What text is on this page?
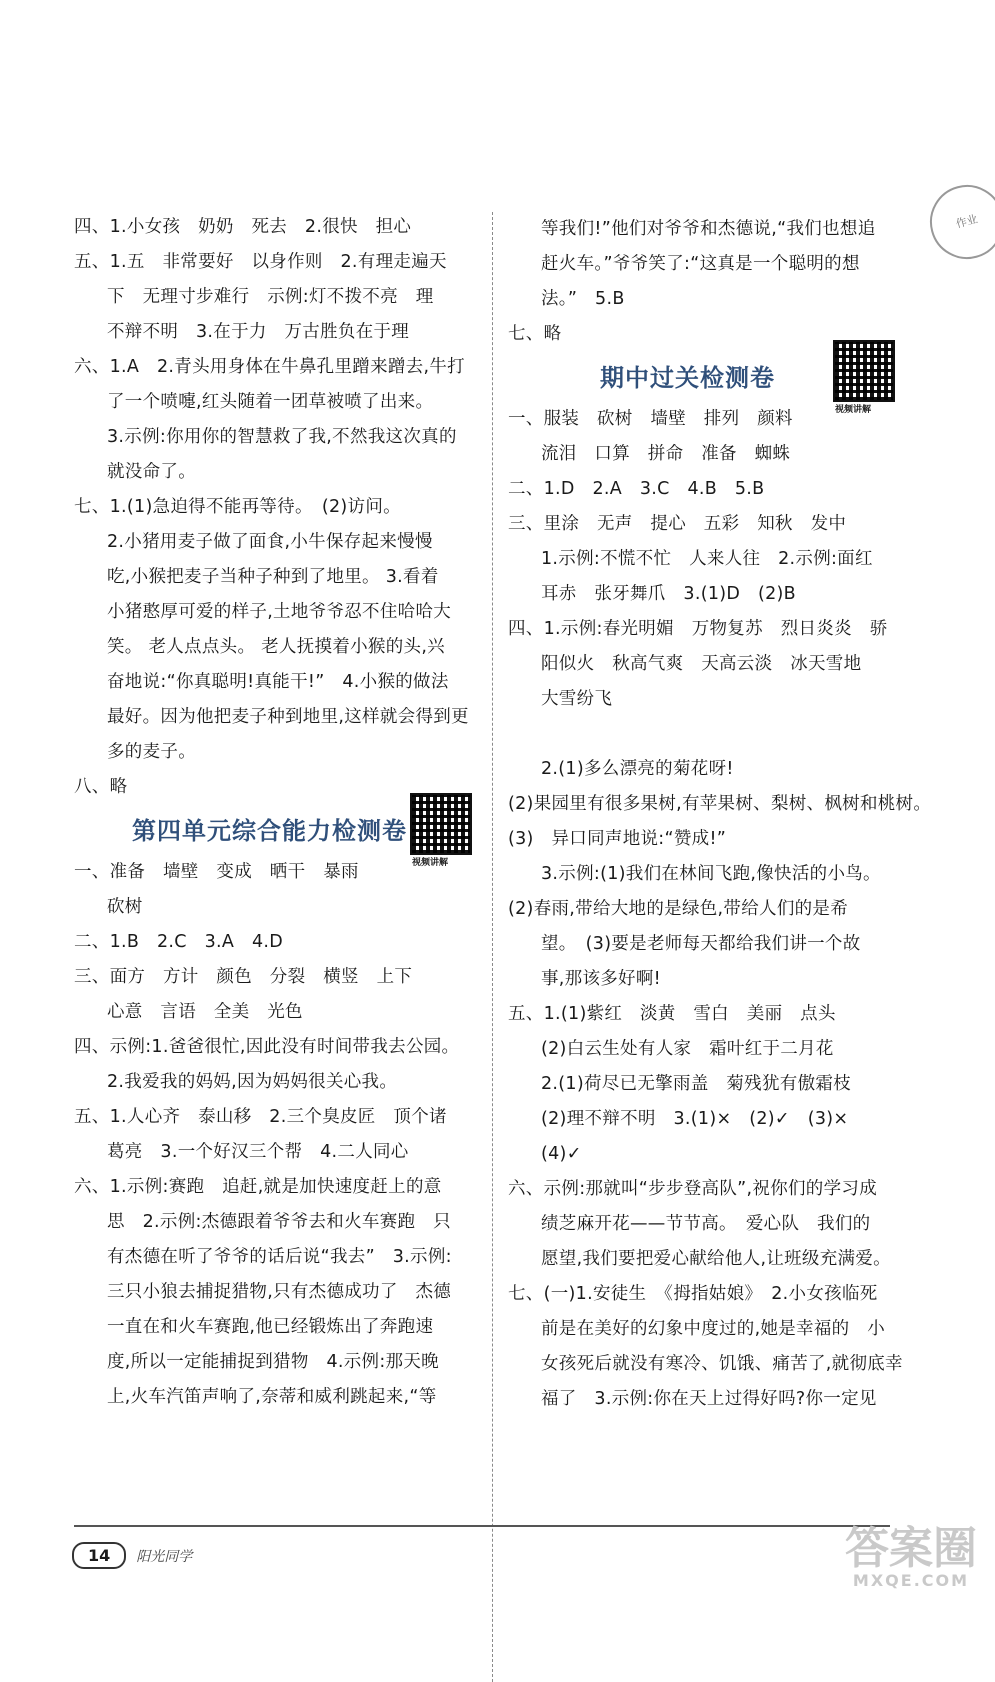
四、1.小女孩　奶奶　死去　2.很快　担心
五、1.五　非常要好　以身作则　2.有理走遍天
下　无理寸步难行　示例:灯不拨不亮　理
不辩不明　3.在于力　万古胜负在于理
六、1.A　2.青头用身体在牛鼻孔里蹭来蹭去,牛打
了一个喷嚏,红头随着一团草被喷了出来。
3.示例:你用你的智慧救了我,不然我这次真的
就没命了。
七、1.(1)急迫得不能再等待。　(2)访问。
2.小猪用麦子做了面食,小牛保存起来慢慢
吃,小猴把麦子当种子种到了地里。 3.看着
小猪憨厚可爱的样子,土地爷爷忍不住哈哈大
笑。 老人点点头。 老人抚摸着小猴的头,兴
奋地说:“你真聪明!真能干!”　4.小猴的做法
最好。因为他把麦子种到地里,这样就会得到更
多的麦子。
八、略
第四单元综合能力检测卷
视频讲解
一、准备　墙壁　变成　晒干　暴雨
砍树
二、1.B　2.C　3.A　4.D
三、面方　方计　颜色　分裂　横竖　上下
心意　言语　全美　光色
四、示例:1.爸爸很忙,因此没有时间带我去公园。
2.我爱我的妈妈,因为妈妈很关心我。
五、1.人心齐　泰山移　2.三个臭皮匠　顶个诸
葛亮　3.一个好汉三个帮　4.二人同心
六、1.示例:赛跑　追赶,就是加快速度赶上的意
思　2.示例:杰德跟着爷爷去和火车赛跑　只
有杰德在听了爷爷的话后说“我去”　3.示例:
三只小狼去捕捉猎物,只有杰德成功了　杰德
一直在和火车赛跑,他已经锻炼出了奔跑速
度,所以一定能捕捉到猎物　4.示例:那天晚
上,火车汽笛声响了,奈蒂和威利跳起来,“等
等我们!”他们对爷爷和杰德说,“我们也想追
赶火车。”爷爷笑了:“这真是一个聪明的想
法。”　5.B
七、略
期中过关检测卷
视频讲解
一、服装　砍树　墙壁　排列　颜料
流泪　口算　拼命　准备　蜘蛛
二、1.D　2.A　3.C　4.B　5.B
三、里涂　无声　提心　五彩　知秋　发中
1.示例:不慌不忙　人来人往　2.示例:面红
耳赤　张牙舞爪　3.(1)D　(2)B
四、1.示例:春光明媚　万物复苏　烈日炎炎　骄
阳似火　秋高气爽　天高云淡　冰天雪地
大雪纷飞
2.(1)多么漂亮的菊花呀!
(2)果园里有很多果树,有苹果树、梨树、枫树和桃树。
(3)　异口同声地说:“赞成!”
3.示例:(1)我们在林间飞跑,像快活的小鸟。
(2)春雨,带给大地的是绿色,带给人们的是希
望。　(3)要是老师每天都给我们讲一个故
事,那该多好啊!
五、1.(1)紫红　淡黄　雪白　美丽　点头
(2)白云生处有人家　霜叶红于二月花
2.(1)荷尽已无擎雨盖　菊残犹有傲霜枝
(2)理不辩不明　3.(1)×　(2)✓　(3)×
(4)✓
六、示例:那就叫“步步登高队”,祝你们的学习成
绩芝麻开花——节节高。　爱心队　我们的
愿望,我们要把爱心献给他人,让班级充满爱。
七、(一)1.安徒生　《拇指姑娘》　2.小女孩临死
前是在美好的幻象中度过的,她是幸福的　小
女孩死后就没有寒冷、饥饿、痛苦了,就彻底幸
福了　3.示例:你在天上过得好吗?你一定见
作业
14	阳光同学	答案圈
MXQE.COM
